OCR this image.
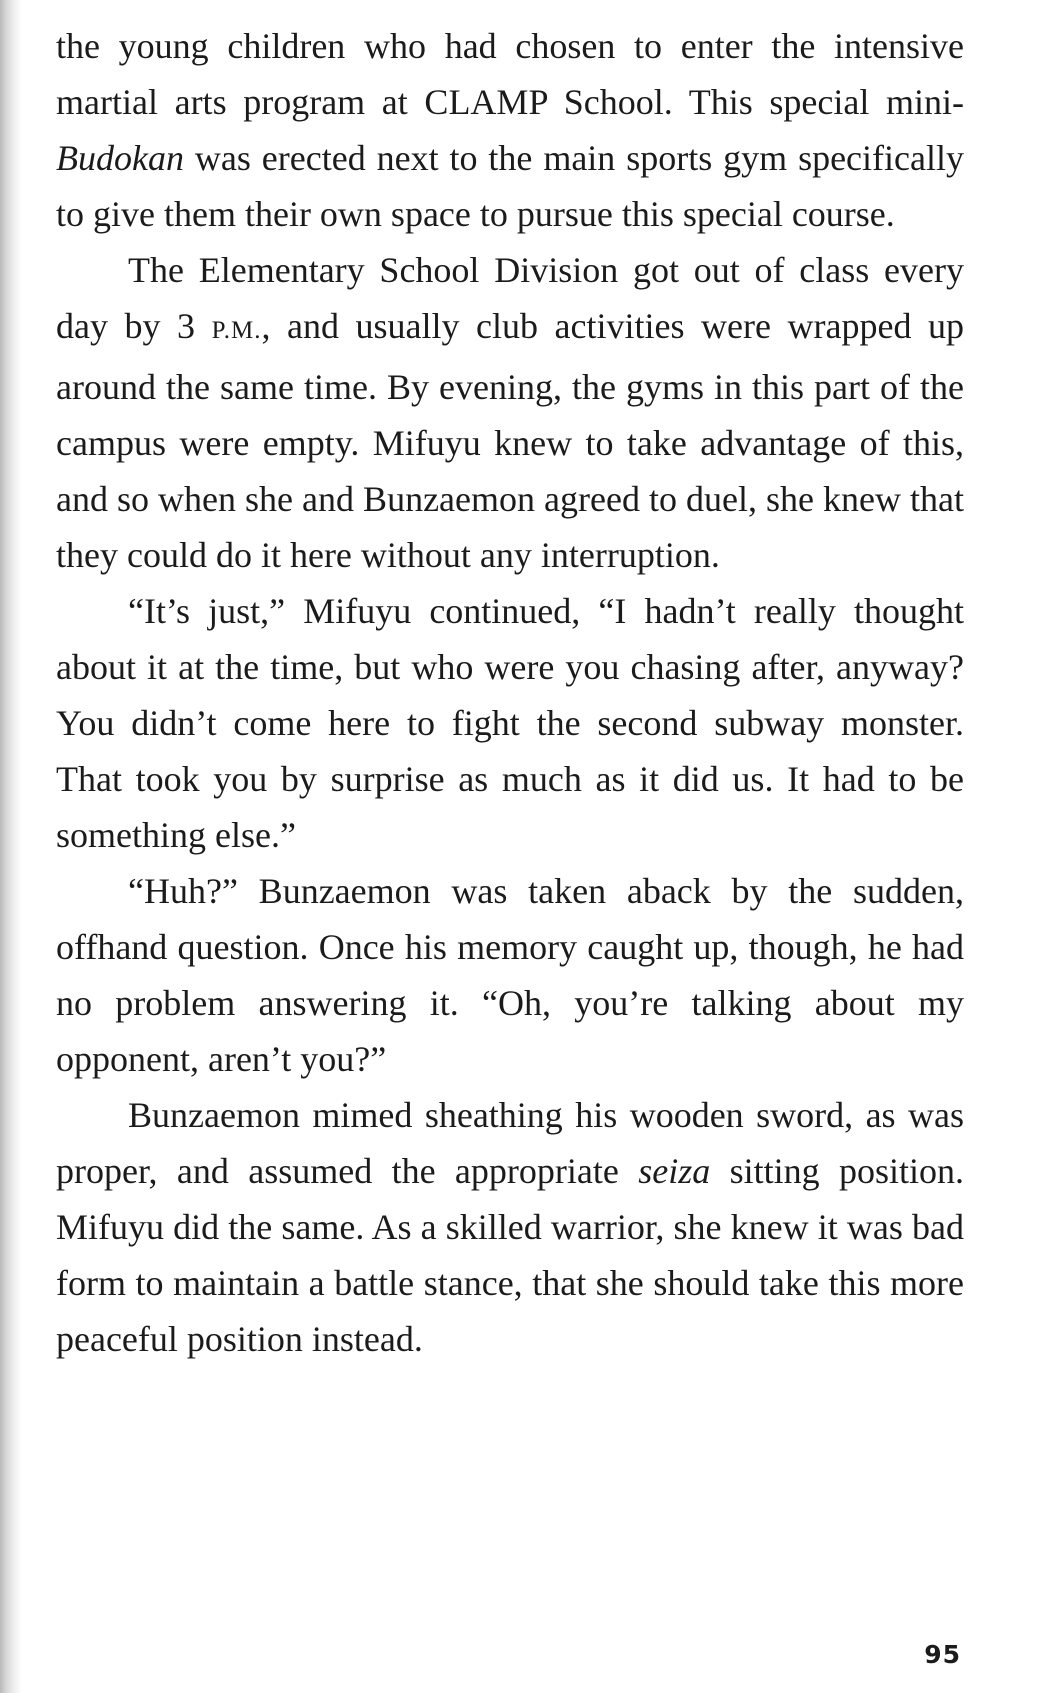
the young children who had chosen to enter the intensive martial arts program at CLAMP School. This special mini-Budokan was erected next to the main sports gym specifically to give them their own space to pursue this special course.

The Elementary School Division got out of class every day by 3 P.M., and usually club activities were wrapped up around the same time. By evening, the gyms in this part of the campus were empty. Mifuyu knew to take advantage of this, and so when she and Bunzaemon agreed to duel, she knew that they could do it here without any interruption.

“It’s just,” Mifuyu continued, “I hadn’t really thought about it at the time, but who were you chasing after, anyway? You didn’t come here to fight the second subway monster. That took you by surprise as much as it did us. It had to be something else.”

“Huh?” Bunzaemon was taken aback by the sudden, offhand question. Once his memory caught up, though, he had no problem answering it. “Oh, you’re talking about my opponent, aren’t you?”

Bunzaemon mimed sheathing his wooden sword, as was proper, and assumed the appropriate seiza sitting position. Mifuyu did the same. As a skilled warrior, she knew it was bad form to maintain a battle stance, that she should take this more peaceful position instead.

95
